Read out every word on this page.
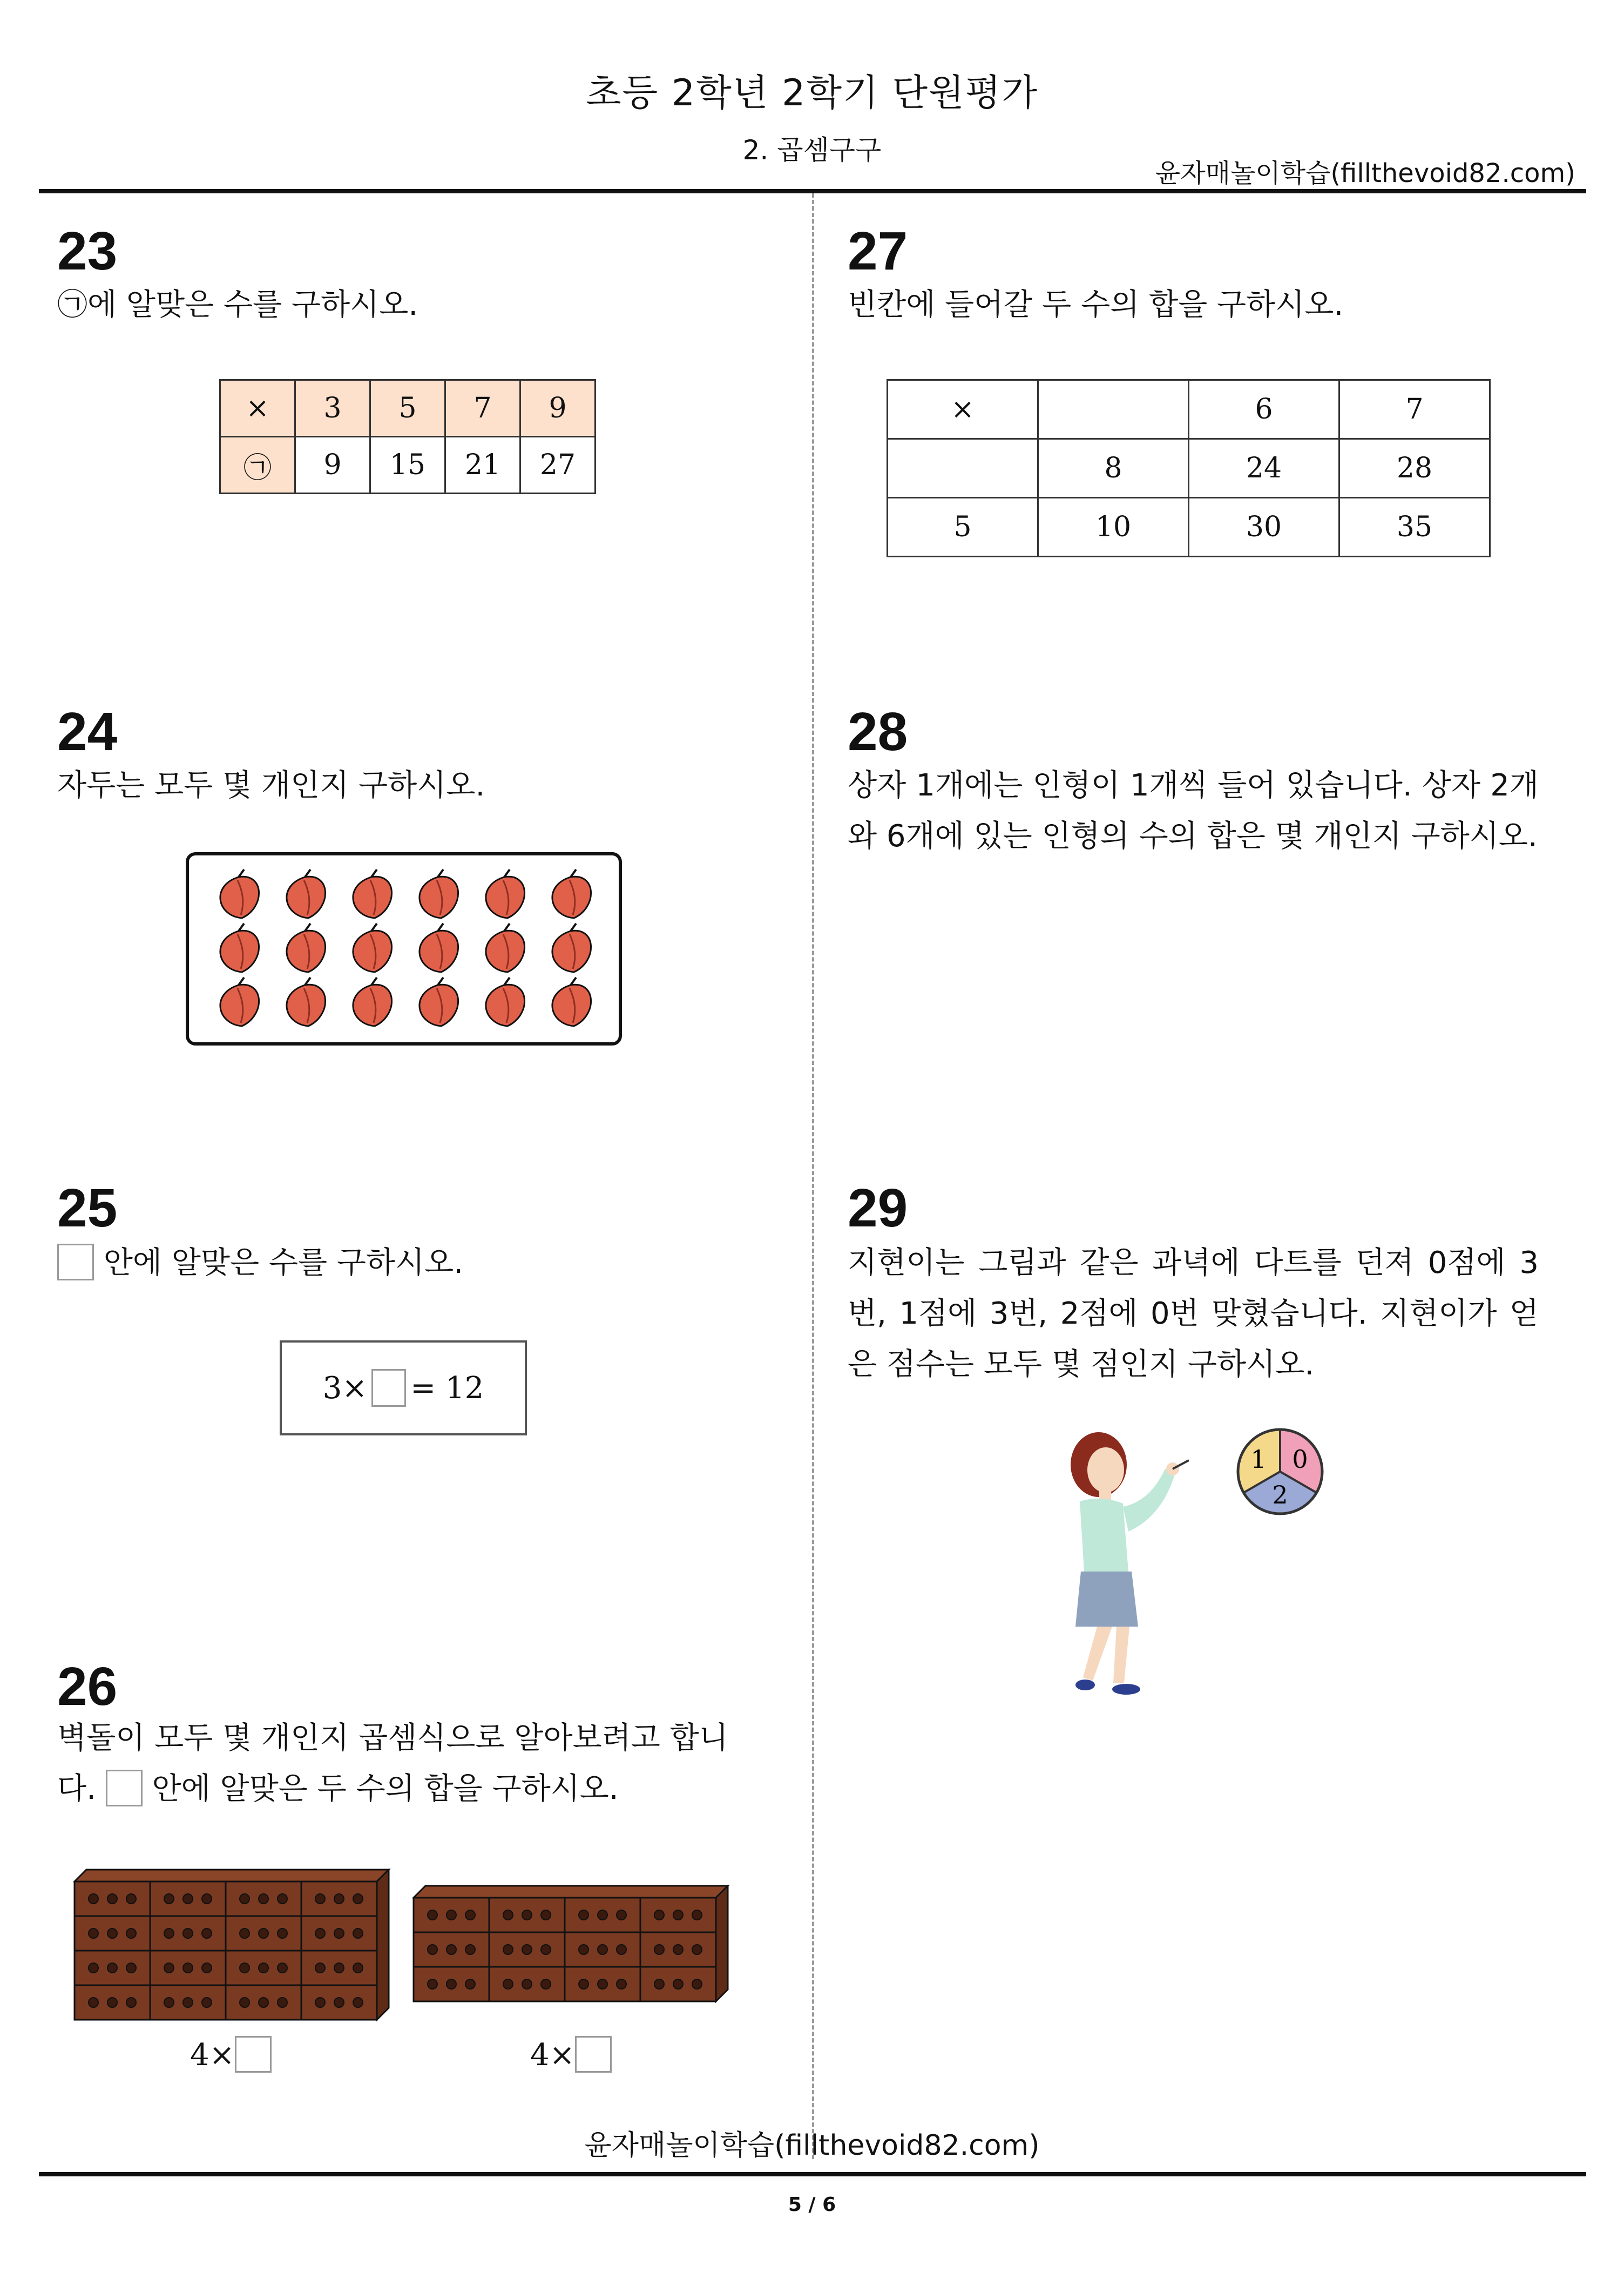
초등 2학년 2학기 단원평가
2. 곱셈구구
윤자매놀이학습(fillthevoid82.com)
23
㉠에 알맞은 수를 구하시오.
×	3	5	7	9
㉠	9	15	21	27
24
자두는 모두 몇 개인지 구하시오.
25
안에 알맞은 수를 구하시오.
3× = 12
26
벽돌이 모두 몇 개인지 곱셈식으로 알아보려고 합니
다. 안에 알맞은 두 수의 합을 구하시오.
4×	4×
27
빈칸에 들어갈 두 수의 합을 구하시오.
×		6	7
	8	24	28
5	10	30	35
28
상자 1개에는 인형이 1개씩 들어 있습니다. 상자 2개와 6개에 있는 인형의 수의 합은 몇 개인지 구하시오.
29
지현이는 그림과 같은 과녁에 다트를 던져 0점에 3번, 1점에 3번, 2점에 0번 맞혔습니다. 지현이가 얻은 점수는 모두 몇 점인지 구하시오.
1 0
2
윤자매놀이학습(fillthevoid82.com)
5 / 6
